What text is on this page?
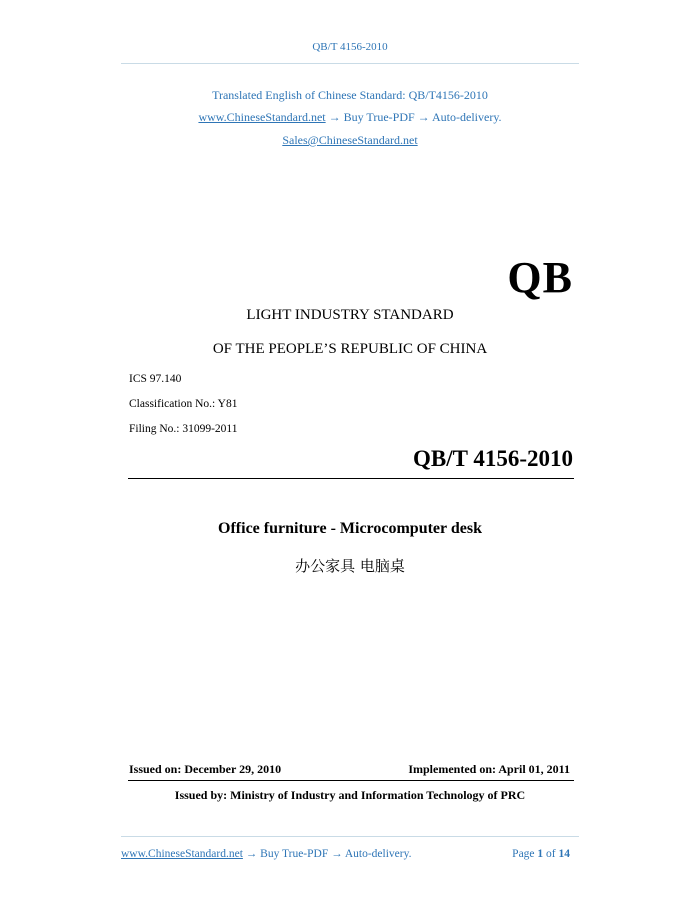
QB/T 4156-2010
Translated English of Chinese Standard: QB/T4156-2010
www.ChineseStandard.net → Buy True-PDF → Auto-delivery.
Sales@ChineseStandard.net
QB
LIGHT INDUSTRY STANDARD
OF THE PEOPLE’S REPUBLIC OF CHINA
ICS 97.140
Classification No.: Y81
Filing No.: 31099-2011
QB/T 4156-2010
Office furniture - Microcomputer desk
办公家具 电脑桌
Issued on: December 29, 2010	Implemented on: April 01, 2011
Issued by: Ministry of Industry and Information Technology of PRC
www.ChineseStandard.net → Buy True-PDF → Auto-delivery.	Page 1 of 14
